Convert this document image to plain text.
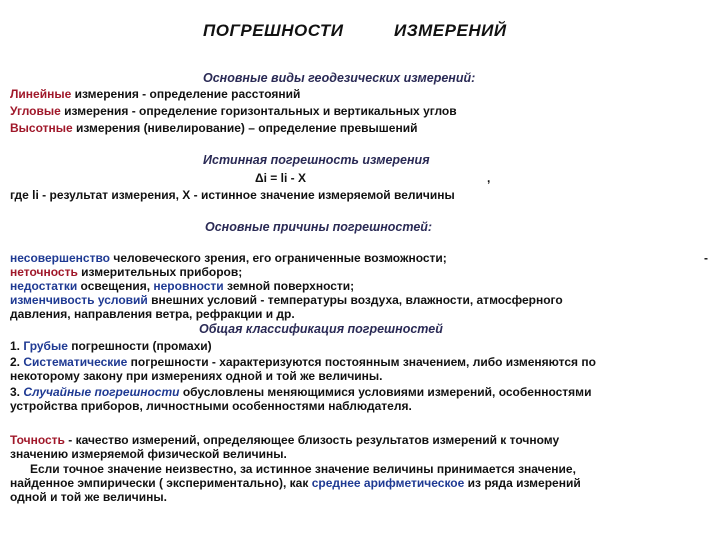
ПОГРЕШНОСТИ	ИЗМЕРЕНИЙ
Основные виды геодезических измерений:
Линейные измерения - определение расстояний
Угловые измерения - определение горизонтальных и вертикальных углов
Высотные измерения (нивелирование) – определение превышений
Истинная погрешность измерения
Δi = li - X	,
где li - результат измерения, X - истинное значение измеряемой величины
Основные причины погрешностей:
несовершенство человеческого зрения, его ограниченные возможности;	-
неточность измерительных приборов;
недостатки освещения, неровности земной поверхности;
изменчивость условий внешних условий - температуры воздуха, влажности, атмосферного
давления, направления ветра, рефракции и др.
Общая классификация погрешностей
1. Грубые погрешности (промахи)
2. Систематические погрешности - характеризуются постоянным значением, либо изменяются по
некоторому закону при измерениях одной и той же величины.
3. Случайные погрешности обусловлены меняющимися условиями измерений, особенностями
устройства приборов, личностными особенностями наблюдателя.
Точность - качество измерений, определяющее близость результатов измерений к точному
значению измеряемой физической величины.
Если точное значение неизвестно, за истинное значение величины принимается значение,
найденное эмпирически ( экспериментально), как среднее арифметическое из ряда измерений
одной и той же величины.
